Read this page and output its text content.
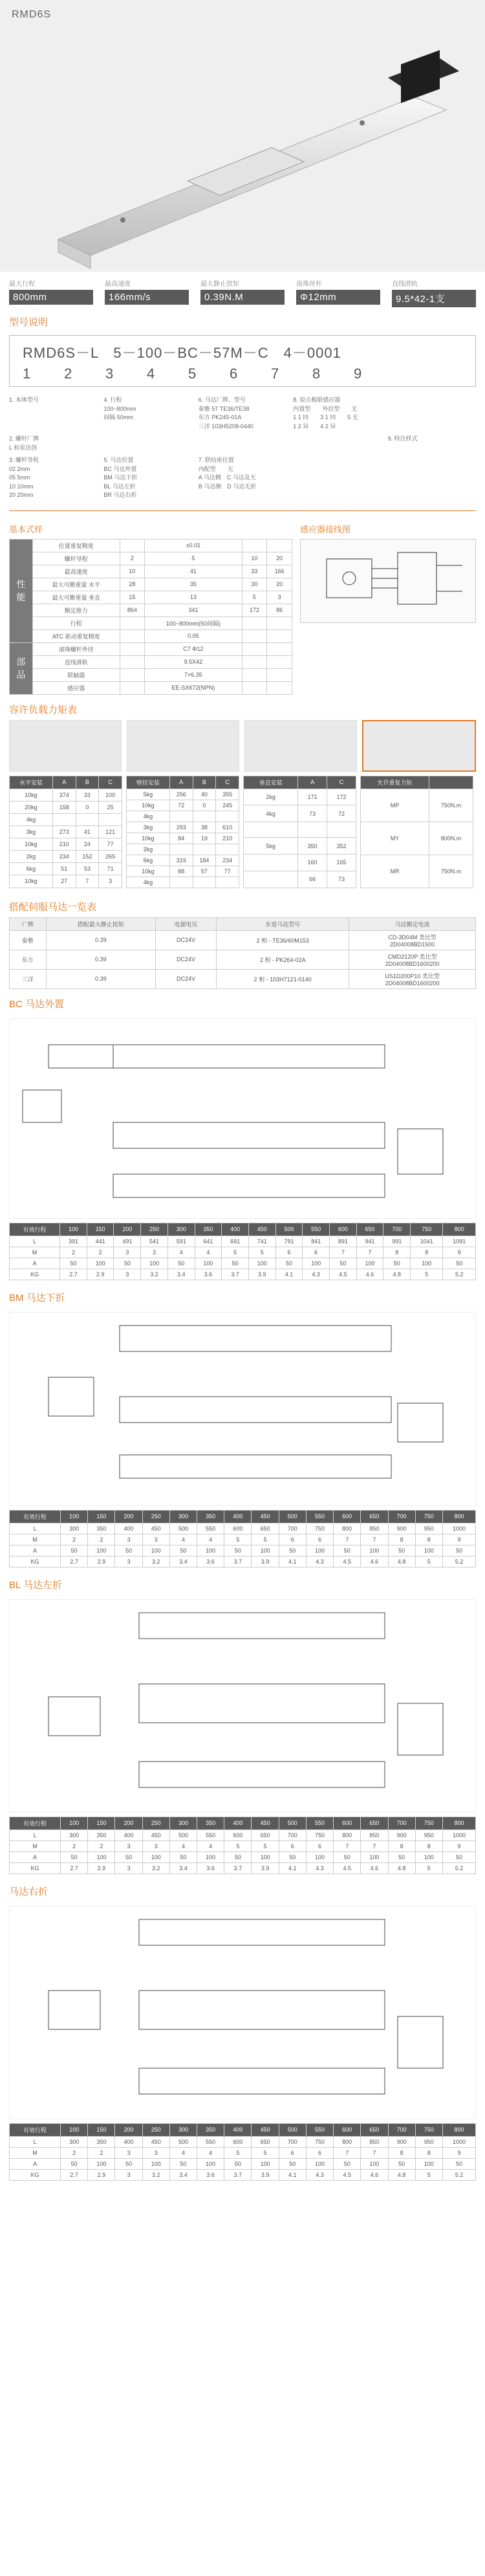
RMD6S
最大行程
800mm
最高速度
166mm/s
最大静止扭矩
0.39N.M
滚珠丝杆
Φ12mm
直线滑轨
9.5*42-1支
型号说明
RMD6S－L　5－100－BC－57M－C　4－0001
1	2	3	4	5	6	7	8	9
1. 本体型号	4. 行程
100~800mm
间隔 50mm
6. 马达厂牌、型号
泰雅 57 TE36/TE38
东方 PK245-01A
三洋 103H5208-0440
8. 原点极限感应器
内置型　　外挂型　　无
1 1 同　　3 1 同　　5 无
1 2 异　　4 2 异
2. 螺杆厂牌
L 和星达创
9. 特注样式
3. 螺杆导程
02 2mm
05 5mm
10 10mm
20 20mm
5. 马达位置
BC 马达外置
BM 马达下折
BL 马达左折
BR 马达右折
7. 联结座位置
内配型　　无
A 马达侧　C 马达及无
B 马达侧　D 马达无折
基本式样
性能	位置重复精度		±0.01		
	螺杆导程	2	5	10	20
	最高速度	10	41	33	166
	最大可搬重量 水平	28	35	30	20
	最大可搬重量 垂直	15	13	5	3
	额定推力	864	341	172	86
	行程		100~800mm(50间隔)		
	ATC 驱动重复精度		0.05		
部品	滚珠螺杆外径		C7 Φ12		
	直线滑轨		9.5X42		
	联轴器		7×6.35		
	感应器		EE-SX672(NPN)		
感应器接线图
容许负载力矩表
水平安装	A	B	C
10kg	374	33	100
20kg	158	0	25
4kg			
3kg	273	41	121
10kg	210	24	77
2kg	234	152	265
6kg	51	53	71
10kg	27	7	3
壁挂安装	A	B	C
5kg	256	40	355
10kg	72	0	245
4kg			
3kg	293	38	610
10kg	84	19	210
2kg			
6kg	319	184	234
10kg	88	57	77
4kg			
垂直安装	A	C
2kg	171	172
4kg	73	72

5kg	350	352
	160	165
	66	73
允许重复力矩	
MP	750N.m
MY	800N.m
MR	750N.m
搭配伺服马达一览表
厂牌	搭配最大静止扭矩	电源电压	步进马达型号	马达额定电流
泰雅	0.39	DC24V	2 相 - TE36/60M153	CD-3D04M 类比型
2D04008BD1500
东方	0.39	DC24V	2 相 - PK264-02A	CMD2120P 类比型
2D04008BD1600200
三洋	0.39	DC24V	2 相 - 103H7121-0140	US1D200P10 类比型
2D04008BD1600200
BC 马达外置
有效行程	100	150	200	250	300	350	400	450	500	550	600	650	700	750	800
L	391	441	491	541	591	641	691	741	791	841	891	941	991	1041	1091
M	2	2	3	3	4	4	5	5	6	6	7	7	8	8	9
A	50	100	50	100	50	100	50	100	50	100	50	100	50	100	50
KG	2.7	2.9	3	3.2	3.4	3.6	3.7	3.9	4.1	4.3	4.5	4.6	4.8	5	5.2
BM 马达下折
有效行程	100	150	200	250	300	350	400	450	500	550	600	650	700	750	800
L	300	350	400	450	500	550	600	650	700	750	800	850	900	950	1000
M	2	2	3	3	4	4	5	5	6	6	7	7	8	8	9
A	50	100	50	100	50	100	50	100	50	100	50	100	50	100	50
KG	2.7	2.9	3	3.2	3.4	3.6	3.7	3.9	4.1	4.3	4.5	4.6	4.8	5	5.2
BL 马达左折
有效行程	100	150	200	250	300	350	400	450	500	550	600	650	700	750	800
L	300	350	400	450	500	550	600	650	700	750	800	850	900	950	1000
M	2	2	3	3	4	4	5	5	6	6	7	7	8	8	9
A	50	100	50	100	50	100	50	100	50	100	50	100	50	100	50
KG	2.7	2.9	3	3.2	3.4	3.6	3.7	3.9	4.1	4.3	4.5	4.6	4.8	5	5.2
马达右折
有效行程	100	150	200	250	300	350	400	450	500	550	600	650	700	750	800
L	300	350	400	450	500	550	600	650	700	750	800	850	900	950	1000
M	2	2	3	3	4	4	5	5	6	6	7	7	8	8	9
A	50	100	50	100	50	100	50	100	50	100	50	100	50	100	50
KG	2.7	2.9	3	3.2	3.4	3.6	3.7	3.9	4.1	4.3	4.5	4.6	4.8	5	5.2
